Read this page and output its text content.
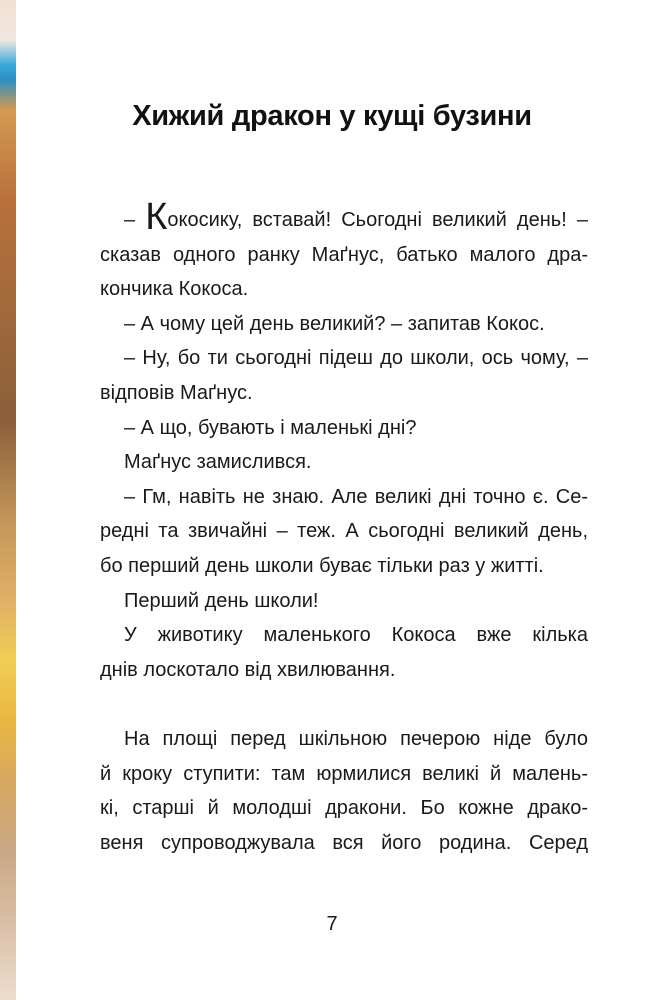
Хижий дракон у кущі бузини
– Кокосику, вставай! Сьогодні великий день! –
сказав одного ранку Маґнус, батько малого дра-
кончика Кокоса.
– А чому цей день великий? – запитав Кокос.
– Ну, бо ти сьогодні підеш до школи, ось чому, –
відповів Маґнус.
– А що, бувають і маленькі дні?
Маґнус замислився.
– Гм, навіть не знаю. Але великі дні точно є. Се-
редні та звичайні – теж. А сьогодні великий день,
бо перший день школи буває тільки раз у житті.
Перший день школи!
У животику маленького Кокоса вже кілька
днів лоскотало від хвилювання.
На площі перед шкільною печерою ніде було
й кроку ступити: там юрмилися великі й малень-
кі, старші й молодші дракони. Бо кожне драко-
веня супроводжувала вся його родина. Серед
7
